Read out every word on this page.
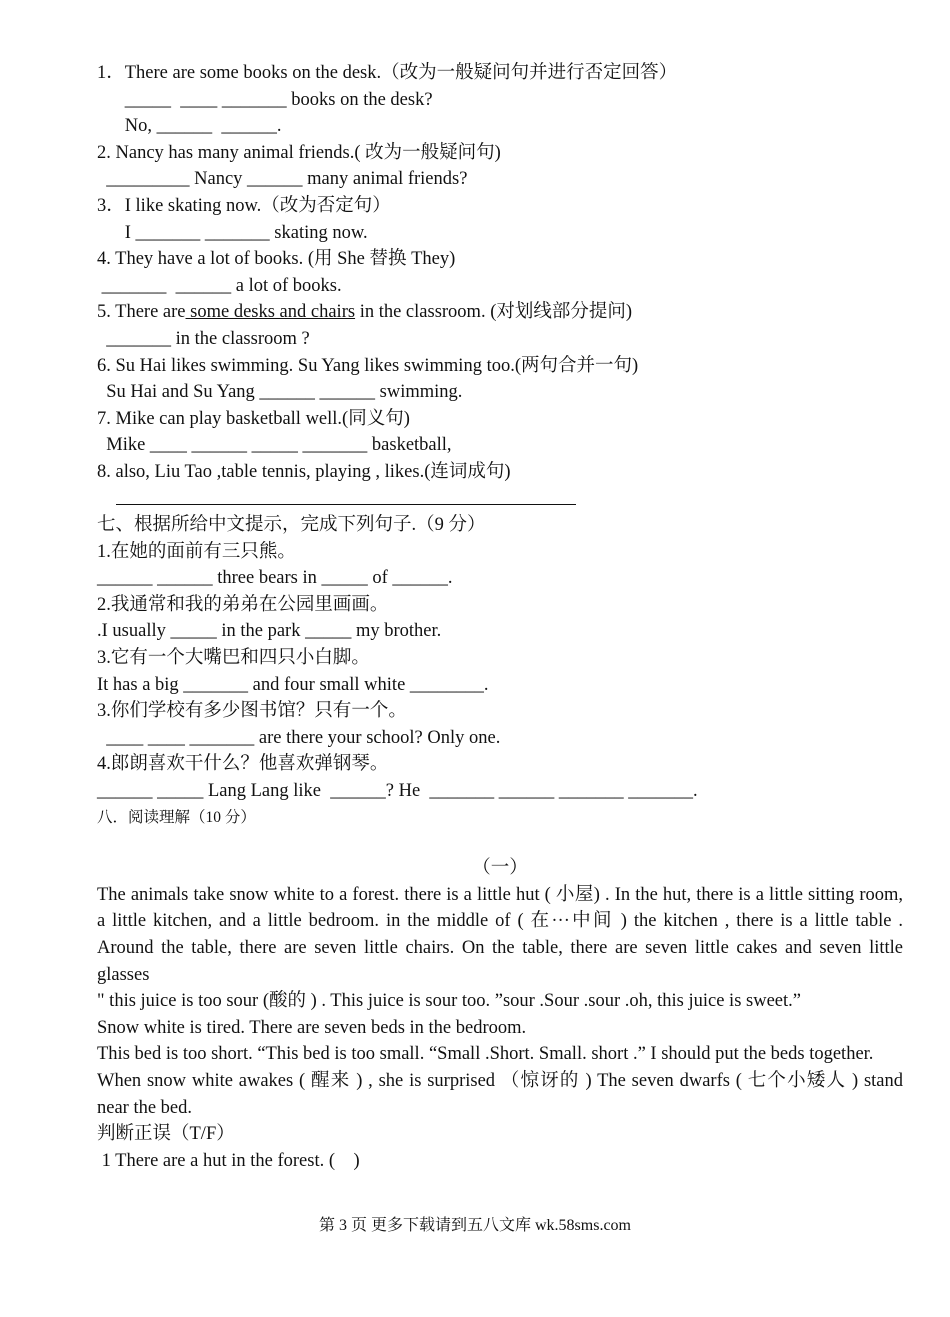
1．There are some books on the desk.（改为一般疑问句并进行否定回答）
_____  ____ _______ books on the desk?
No, ______  ______.
2. Nancy has many animal friends.( 改为一般疑问句)
_________ Nancy ______ many animal friends?
3．I like skating now.（改为否定句）
I _______ _______ skating now.
4. They have a lot of books. (用 She 替换 They)
_______  ______ a lot of books.
5. There are some desks and chairs in the classroom. (对划线部分提问)
_______ in the classroom ?
6. Su Hai likes swimming. Su Yang likes swimming too.(两句合并一句)
Su Hai and Su Yang ______ ______ swimming.
7. Mike can play basketball well.(同义句)
Mike ____ ______ _____ _______ basketball,
8. also, Liu Tao ,table tennis, playing , likes.(连词成句)

七、根据所给中文提示，完成下列句子.（9 分）
1.在她的面前有三只熊。
______ ______ three bears in _____ of ______.
2.我通常和我的弟弟在公园里画画。
.I usually _____ in the park _____ my brother.
3.它有一个大嘴巴和四只小白脚。
It has a big _______ and four small white ________.
3.你们学校有多少图书馆？只有一个。
____ ____ _______ are there your school? Only one.
4.郎朗喜欢干什么？他喜欢弹钢琴。
______ _____ Lang Lang like  ______? He  _______ ______ _______ _______.
八．阅读理解（10 分）
（一）
The animals take snow white to a forest. there is a little hut ( 小屋) . In the hut, there is a little sitting room, a little kitchen, and a little bedroom. in the middle of ( 在···中间 ) the kitchen , there is a little table . Around the table, there are seven little chairs. On the table, there are seven little cakes and seven little glasses
" this juice is too sour (酸的 ) . This juice is sour too. ”sour .Sour .sour .oh, this juice is sweet.”
Snow white is tired. There are seven beds in the bedroom.
This bed is too short. “This bed is too small. “Small .Short. Small. short .” I should put the beds together.
When snow white awakes ( 醒来 ) , she is surprised （惊讶的 ) The seven dwarfs ( 七个小矮人 ) stand near the bed.
判断正误（T/F）
1 There are a hut in the forest. (    )
第 3 页 更多下载请到五八文库 wk.58sms.com
